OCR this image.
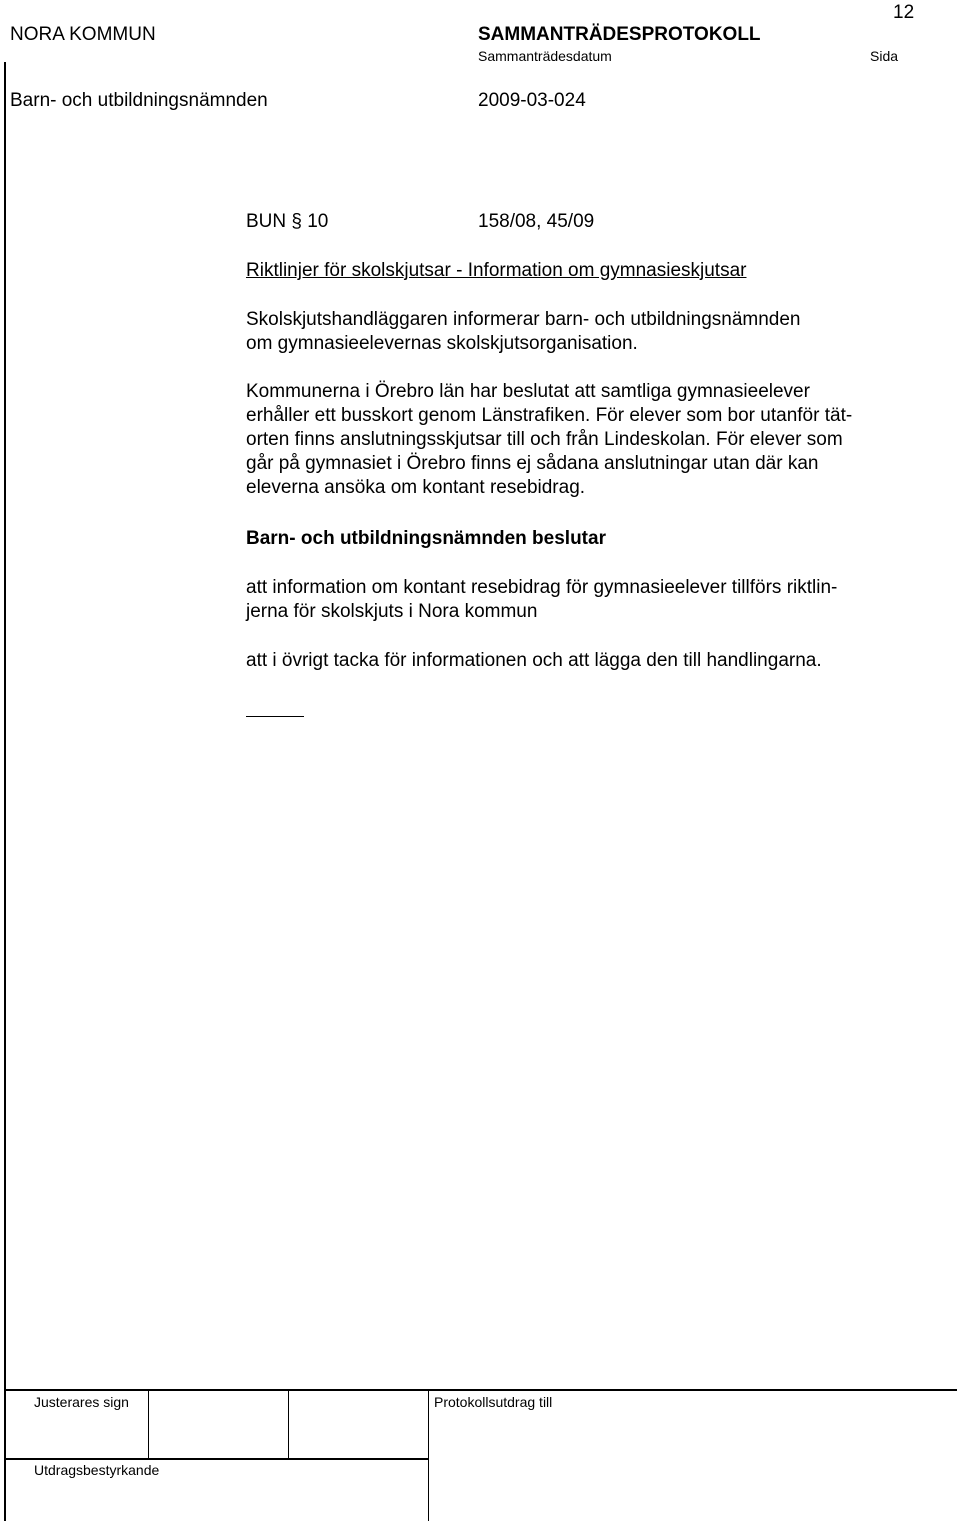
NORA KOMMUN	SAMMANTRÄDESPROTOKOLL
12
Sammanträdesdatum	Sida
Barn- och utbildningsnämnden	2009-03-024
BUN § 10	158/08, 45/09
Riktlinjer för skolskjutsar - Information om gymnasieskjutsar
Skolskjutshandläggaren informerar barn- och utbildningsnämnden
om gymnasieelevernas skolskjutsorganisation.
Kommunerna i Örebro län har beslutat att samtliga gymnasieelever
erhåller ett busskort genom Länstrafiken. För elever som bor utanför tät-
orten finns anslutningsskjutsar till och från Lindeskolan. För elever som
går på gymnasiet i Örebro finns ej sådana anslutningar utan där kan
eleverna ansöka om kontant resebidrag.
Barn- och utbildningsnämnden beslutar
att information om kontant resebidrag för gymnasieelever tillförs riktlin-
jerna för skolskjuts i Nora kommun
att i övrigt tacka för informationen och att lägga den till handlingarna.
Justerares sign	Protokollsutdrag till
Utdragsbestyrkande
